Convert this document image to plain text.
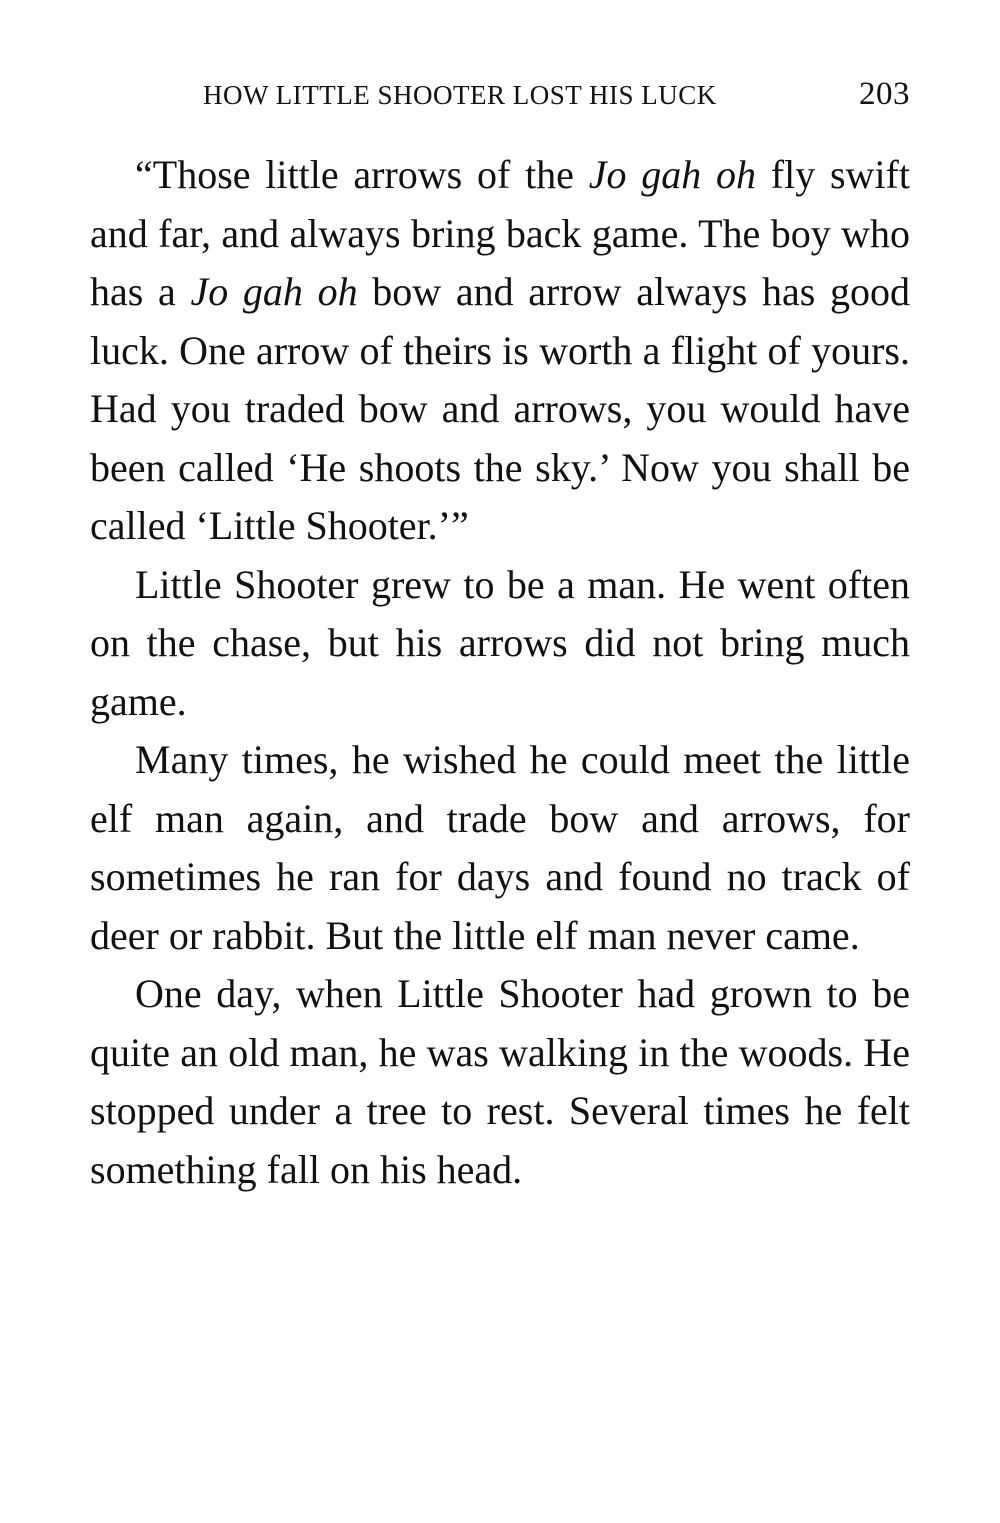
HOW LITTLE SHOOTER LOST HIS LUCK	203

“Those little arrows of the Jo gah oh fly swift and far, and always bring back game. The boy who has a Jo gah oh bow and arrow always has good luck. One arrow of theirs is worth a flight of yours. Had you traded bow and arrows, you would have been called ‘He shoots the sky.’ Now you shall be called ‘Little Shooter.’”

Little Shooter grew to be a man. He went often on the chase, but his arrows did not bring much game.

Many times, he wished he could meet the little elf man again, and trade bow and arrows, for sometimes he ran for days and found no track of deer or rabbit. But the little elf man never came.

One day, when Little Shooter had grown to be quite an old man, he was walking in the woods. He stopped under a tree to rest. Several times he felt something fall on his head.
